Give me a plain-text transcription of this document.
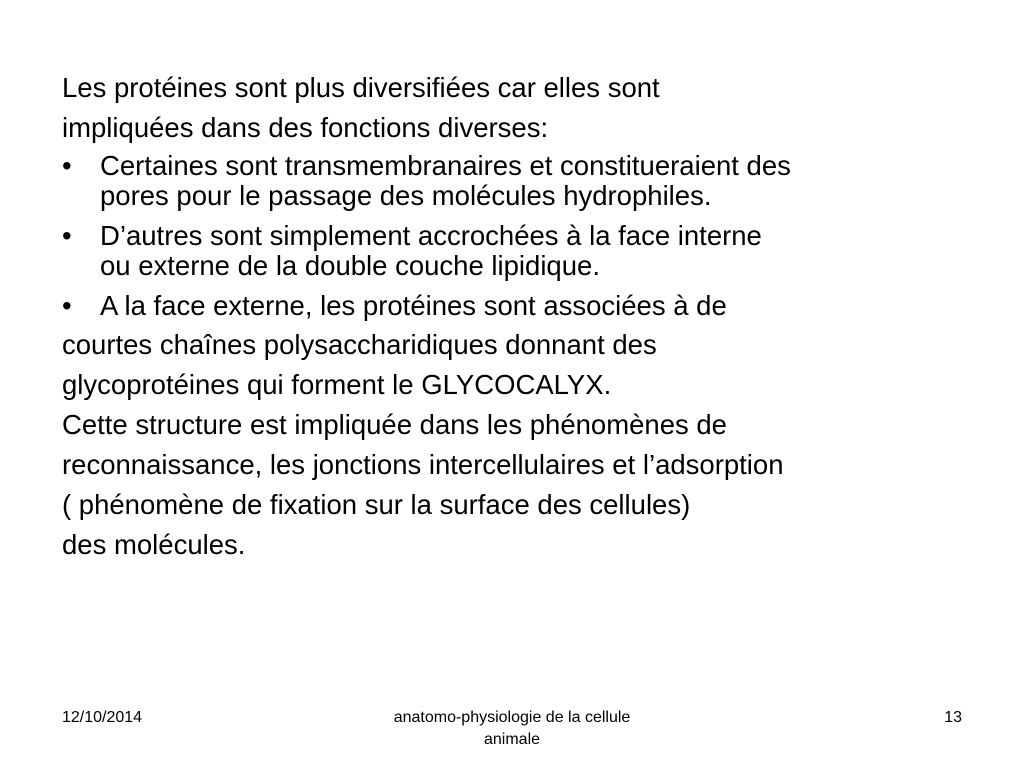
Les protéines sont plus diversifiées car elles sont
impliquées dans des fonctions diverses:
• Certaines sont transmembranaires et constitueraient des
pores pour le passage des molécules hydrophiles.
• D’autres sont simplement accrochées à la face interne
ou externe de la double couche lipidique.
• A la face externe, les protéines sont associées à de
courtes chaînes polysaccharidiques donnant des
glycoprotéines qui forment le GLYCOCALYX.
Cette structure est impliquée dans les phénomènes de
reconnaissance, les jonctions intercellulaires et l’adsorption
( phénomène de fixation sur la surface des cellules)
des molécules.
12/10/2014	anatomo-physiologie de la cellule
animale
13
